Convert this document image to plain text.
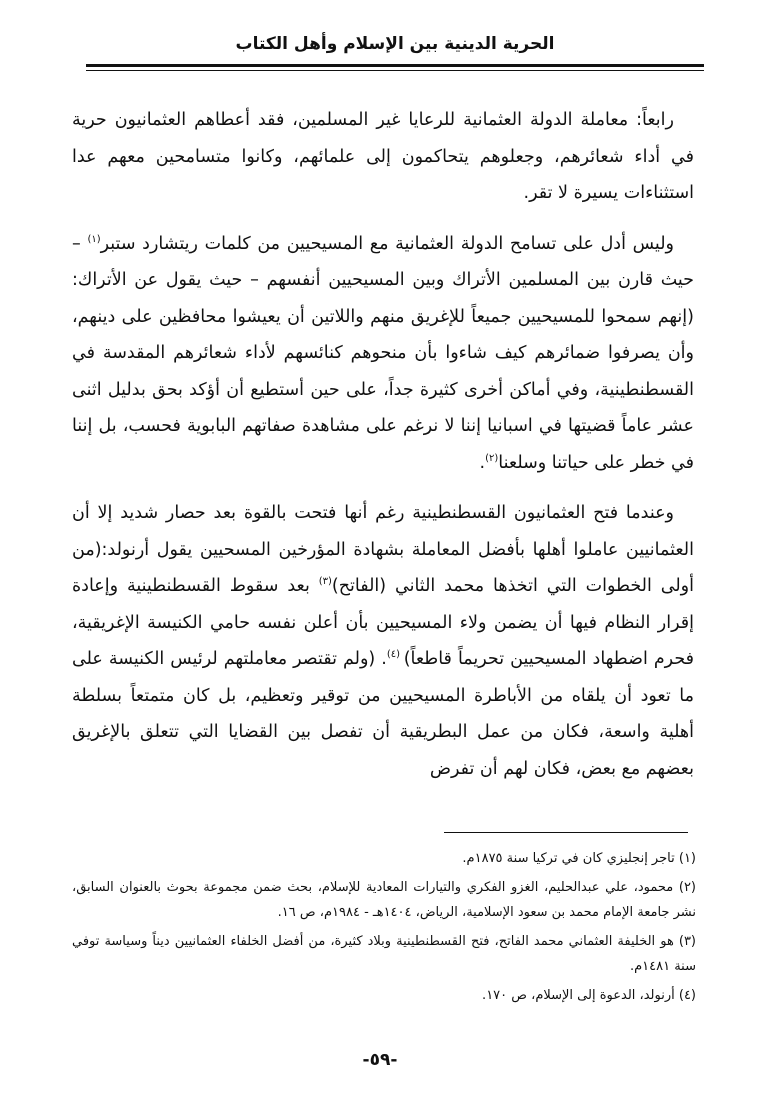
الحرية الدينية بين الإسلام وأهل الكتاب

رابعاً: معاملة الدولة العثمانية للرعايا غير المسلمين، فقد أعطاهم العثمانيون حرية في أداء شعائرهم، وجعلوهم يتحاكمون إلى علمائهم، وكانوا متسامحين معهم عدا استثناءات يسيرة لا تقر.

وليس أدل على تسامح الدولة العثمانية مع المسيحيين من كلمات ريتشارد ستبر$^{(١)}$ – حيث قارن بين المسلمين الأتراك وبين المسيحيين أنفسهم – حيث يقول عن الأتراك: (إنهم سمحوا للمسيحيين جميعاً للإغريق منهم واللاتين أن يعيشوا محافظين على دينهم، وأن يصرفوا ضمائرهم كيف شاءوا بأن منحوهم كنائسهم لأداء شعائرهم المقدسة في القسطنطينية، وفي أماكن أخرى كثيرة جداً، على حين أستطيع أن أؤكد بحق بدليل اثنى عشر عاماً قضيتها في اسبانيا إننا لا نرغم على مشاهدة صفاتهم البابوية فحسب، بل إننا في خطر على حياتنا وسلعنا$^{(٢)}$.

وعندما فتح العثمانيون القسطنطينية رغم أنها فتحت بالقوة بعد حصار شديد إلا أن العثمانيين عاملوا أهلها بأفضل المعاملة بشهادة المؤرخين المسحيين يقول أرنولد:(من أولى الخطوات التي اتخذها محمد الثاني (الفاتح)$^{(٣)}$ بعد سقوط القسطنطينية وإعادة إقرار النظام فيها أن يضمن ولاء المسيحيين بأن أعلن نفسه حامي الكنيسة الإغريقية، فحرم اضطهاد المسيحيين تحريماً قاطعاً) $^{(٤)}$. (ولم تقتصر معاملتهم لرئيس الكنيسة على ما تعود أن يلقاه من الأباطرة المسيحيين من توقير وتعظيم، بل كان متمتعاً بسلطة أهلية واسعة، فكان من عمل البطريقية أن تفصل بين القضايا التي تتعلق بالإغريق بعضهم مع بعض، فكان لهم أن تفرض

(١) تاجر إنجليزي كان في تركيا سنة ١٨٧٥م.
(٢) محمود، علي عبدالحليم، الغزو الفكري والتيارات المعادية للإسلام، بحث ضمن مجموعة بحوث بالعنوان السابق، نشر جامعة الإمام محمد بن سعود الإسلامية، الرياض، ١٤٠٤هـ - ١٩٨٤م، ص ١٦.
(٣) هو الخليفة العثماني محمد الفاتح، فتح القسطنطينية وبلاد كثيرة، من أفضل الخلفاء العثمانيين ديناً وسياسة توفي سنة ١٤٨١م.
(٤) أرنولد، الدعوة إلى الإسلام، ص ١٧٠.
-٥٩-
